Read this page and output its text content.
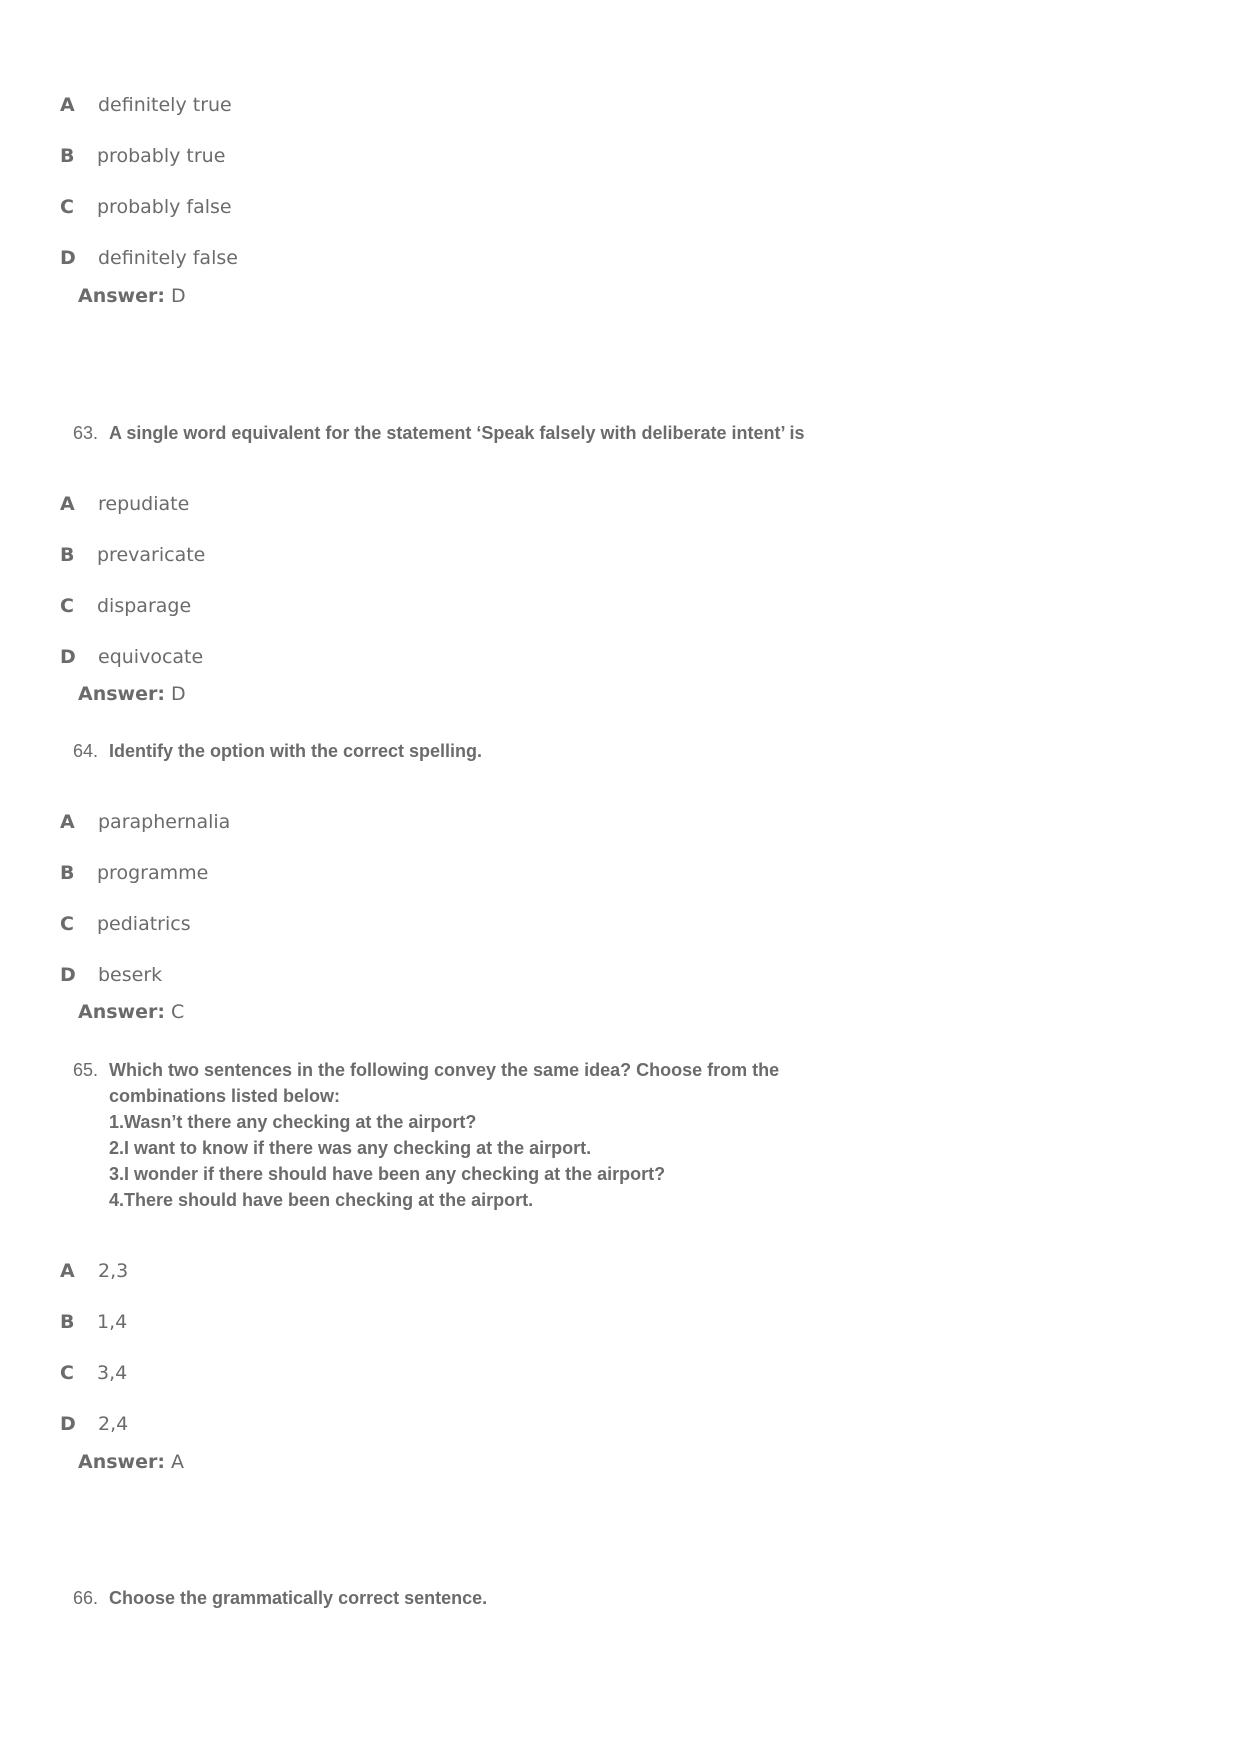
A definitely true
B probably true
C probably false
D definitely false
Answer: D
63. A single word equivalent for the statement ‘Speak falsely with deliberate intent’ is
A repudiate
B prevaricate
C disparage
D equivocate
Answer: D
64. Identify the option with the correct spelling.
A paraphernalia
B programme
C pediatrics
D beserk
Answer: C
65. Which two sentences in the following convey the same idea? Choose from the
combinations listed below:
1.Wasn’t there any checking at the airport?
2.I want to know if there was any checking at the airport.
3.I wonder if there should have been any checking at the airport?
4.There should have been checking at the airport.
A 2,3
B 1,4
C 3,4
D 2,4
Answer: A
66. Choose the grammatically correct sentence.
